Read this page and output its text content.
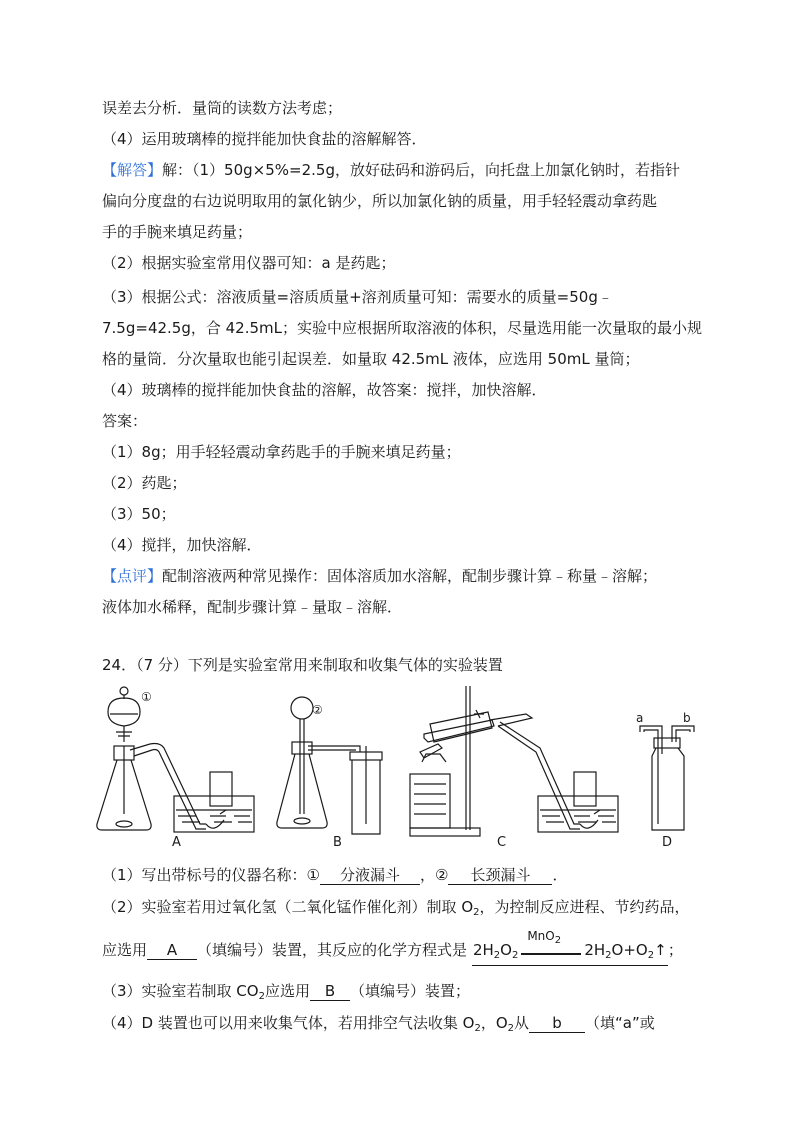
误差去分析．量筒的读数方法考虑；
（4）运用玻璃棒的搅拌能加快食盐的溶解解答．
【解答】解：（1）50g×5%=2.5g，放好砝码和游码后，向托盘上加氯化钠时，若指针
偏向分度盘的右边说明取用的氯化钠少，所以加氯化钠的质量，用手轻轻震动拿药匙
手的手腕来填足药量；
（2）根据实验室常用仪器可知：a 是药匙；
（3）根据公式：溶液质量=溶质质量+溶剂质量可知：需要水的质量=50g﹣
7.5g=42.5g，合 42.5mL；实验中应根据所取溶液的体积，尽量选用能一次量取的最小规
格的量筒．分次量取也能引起误差．如量取 42.5mL 液体，应选用 50mL 量筒；
（4）玻璃棒的搅拌能加快食盐的溶解，故答案：搅拌，加快溶解．
答案：
（1）8g；用手轻轻震动拿药匙手的手腕来填足药量；
（2）药匙；
（3）50；
（4）搅拌，加快溶解．
【点评】配制溶液两种常见操作：固体溶质加水溶解，配制步骤计算﹣称量﹣溶解；
液体加水稀释，配制步骤计算﹣量取﹣溶解．
24．（7 分）下列是实验室常用来制取和收集气体的实验装置
①
A
②
B	C
a	b
D
（1）写出带标号的仪器名称：① 分液漏斗 ，② 长颈漏斗 ．
（2）实验室若用过氧化氢（二氧化锰作催化剂）制取 $O_2$，为控制反应进程、节约药品，
应选用 A （填编号）装置，其反应的化学方程式是 $2H_2O_2$
MnO$_2$
$2H_2O+O_2↑$；
（3）实验室若制取 $CO_2$应选用 B （填编号）装置；
（4）D 装置也可以用来收集气体，若用排空气法收集 $O_2$，$O_2$从 b （填“a”或
